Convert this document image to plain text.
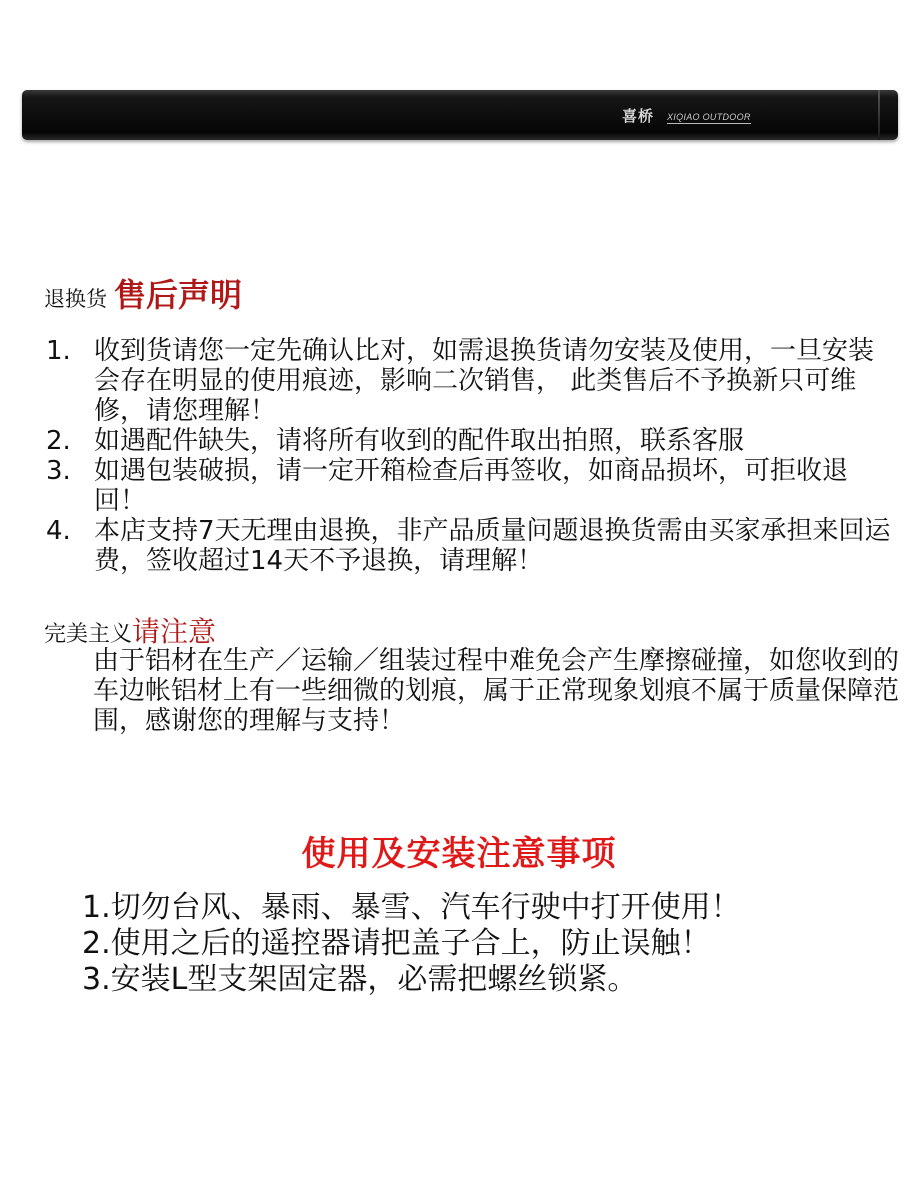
喜桥 XIQIAO OUTDOOR
退换货 售后声明
1. 收到货请您一定先确认比对，如需退换货请勿安装及使用，一旦安装会存在明显的使用痕迹，影响二次销售， 此类售后不予换新只可维修，请您理解！
2. 如遇配件缺失，请将所有收到的配件取出拍照，联系客服
3. 如遇包装破损，请一定开箱检查后再签收，如商品损坏，可拒收退回！
4. 本店支持7天无理由退换，非产品质量问题退换货需由买家承担来回运费，签收超过14天不予退换，请理解！
完美主义请注意
由于铝材在生产／运输／组装过程中难免会产生摩擦碰撞，如您收到的车边帐铝材上有一些细微的划痕，属于正常现象划痕不属于质量保障范围，感谢您的理解与支持！
使用及安装注意事项
1.切勿台风、暴雨、暴雪、汽车行驶中打开使用！
2.使用之后的遥控器请把盖子合上，防止误触！
3.安装L型支架固定器，必需把螺丝锁紧。
